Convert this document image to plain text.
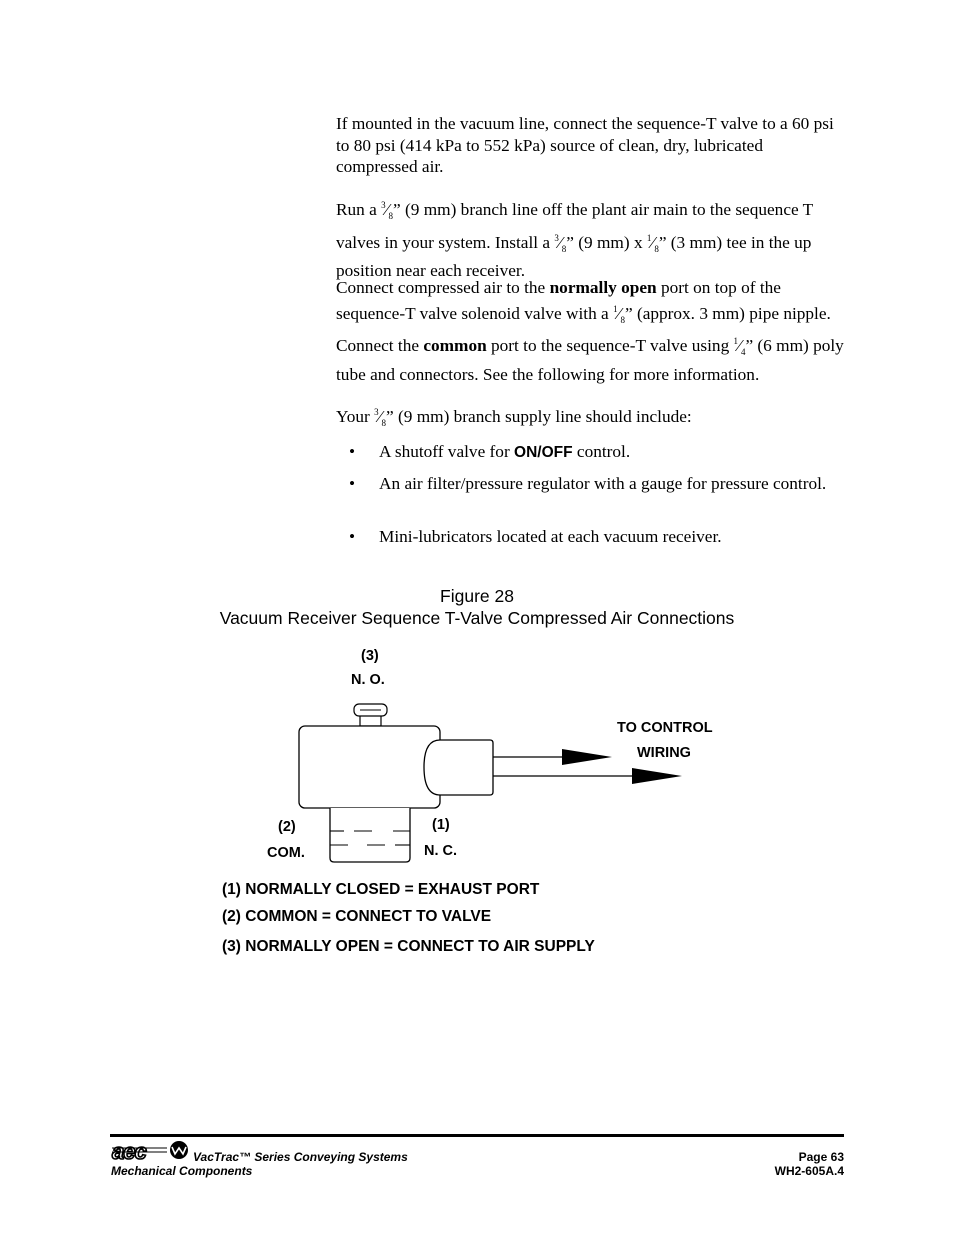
If mounted in the vacuum line, connect the sequence-T valve to a 60 psi to 80 psi (414 kPa to 552 kPa) source of clean, dry, lubricated compressed air.

Run a $^3⁄_8$” (9 mm) branch line off the plant air main to the sequence T valves in your system. Install a $^3⁄_8$” (9 mm) x $^1⁄_8$” (3 mm) tee in the up position near each receiver.

Connect compressed air to the normally open port on top of the sequence-T valve solenoid valve with a $^1⁄_8$” (approx. 3 mm) pipe nipple. Connect the common port to the sequence-T valve using $^1⁄_4$” (6 mm) poly tube and connectors. See the following for more information.

Your $^3⁄_8$” (9 mm) branch supply line should include:

• A shutoff valve for ON/OFF control.
• An air filter/pressure regulator with a gauge for pressure control.
• Mini-lubricators located at each vacuum receiver.
Figure 28
Vacuum Receiver Sequence T-Valve Compressed Air Connections
(3)
N. O.
(2)
COM.
(1)
N. C.
TO CONTROL
WIRING
(1) NORMALLY CLOSED = EXHAUST PORT
(2) COMMON = CONNECT TO VALVE
(3) NORMALLY OPEN = CONNECT TO AIR SUPPLY
aec	VacTrac™ Series Conveying Systems
Mechanical Components
Page 63
WH2-605A.4
